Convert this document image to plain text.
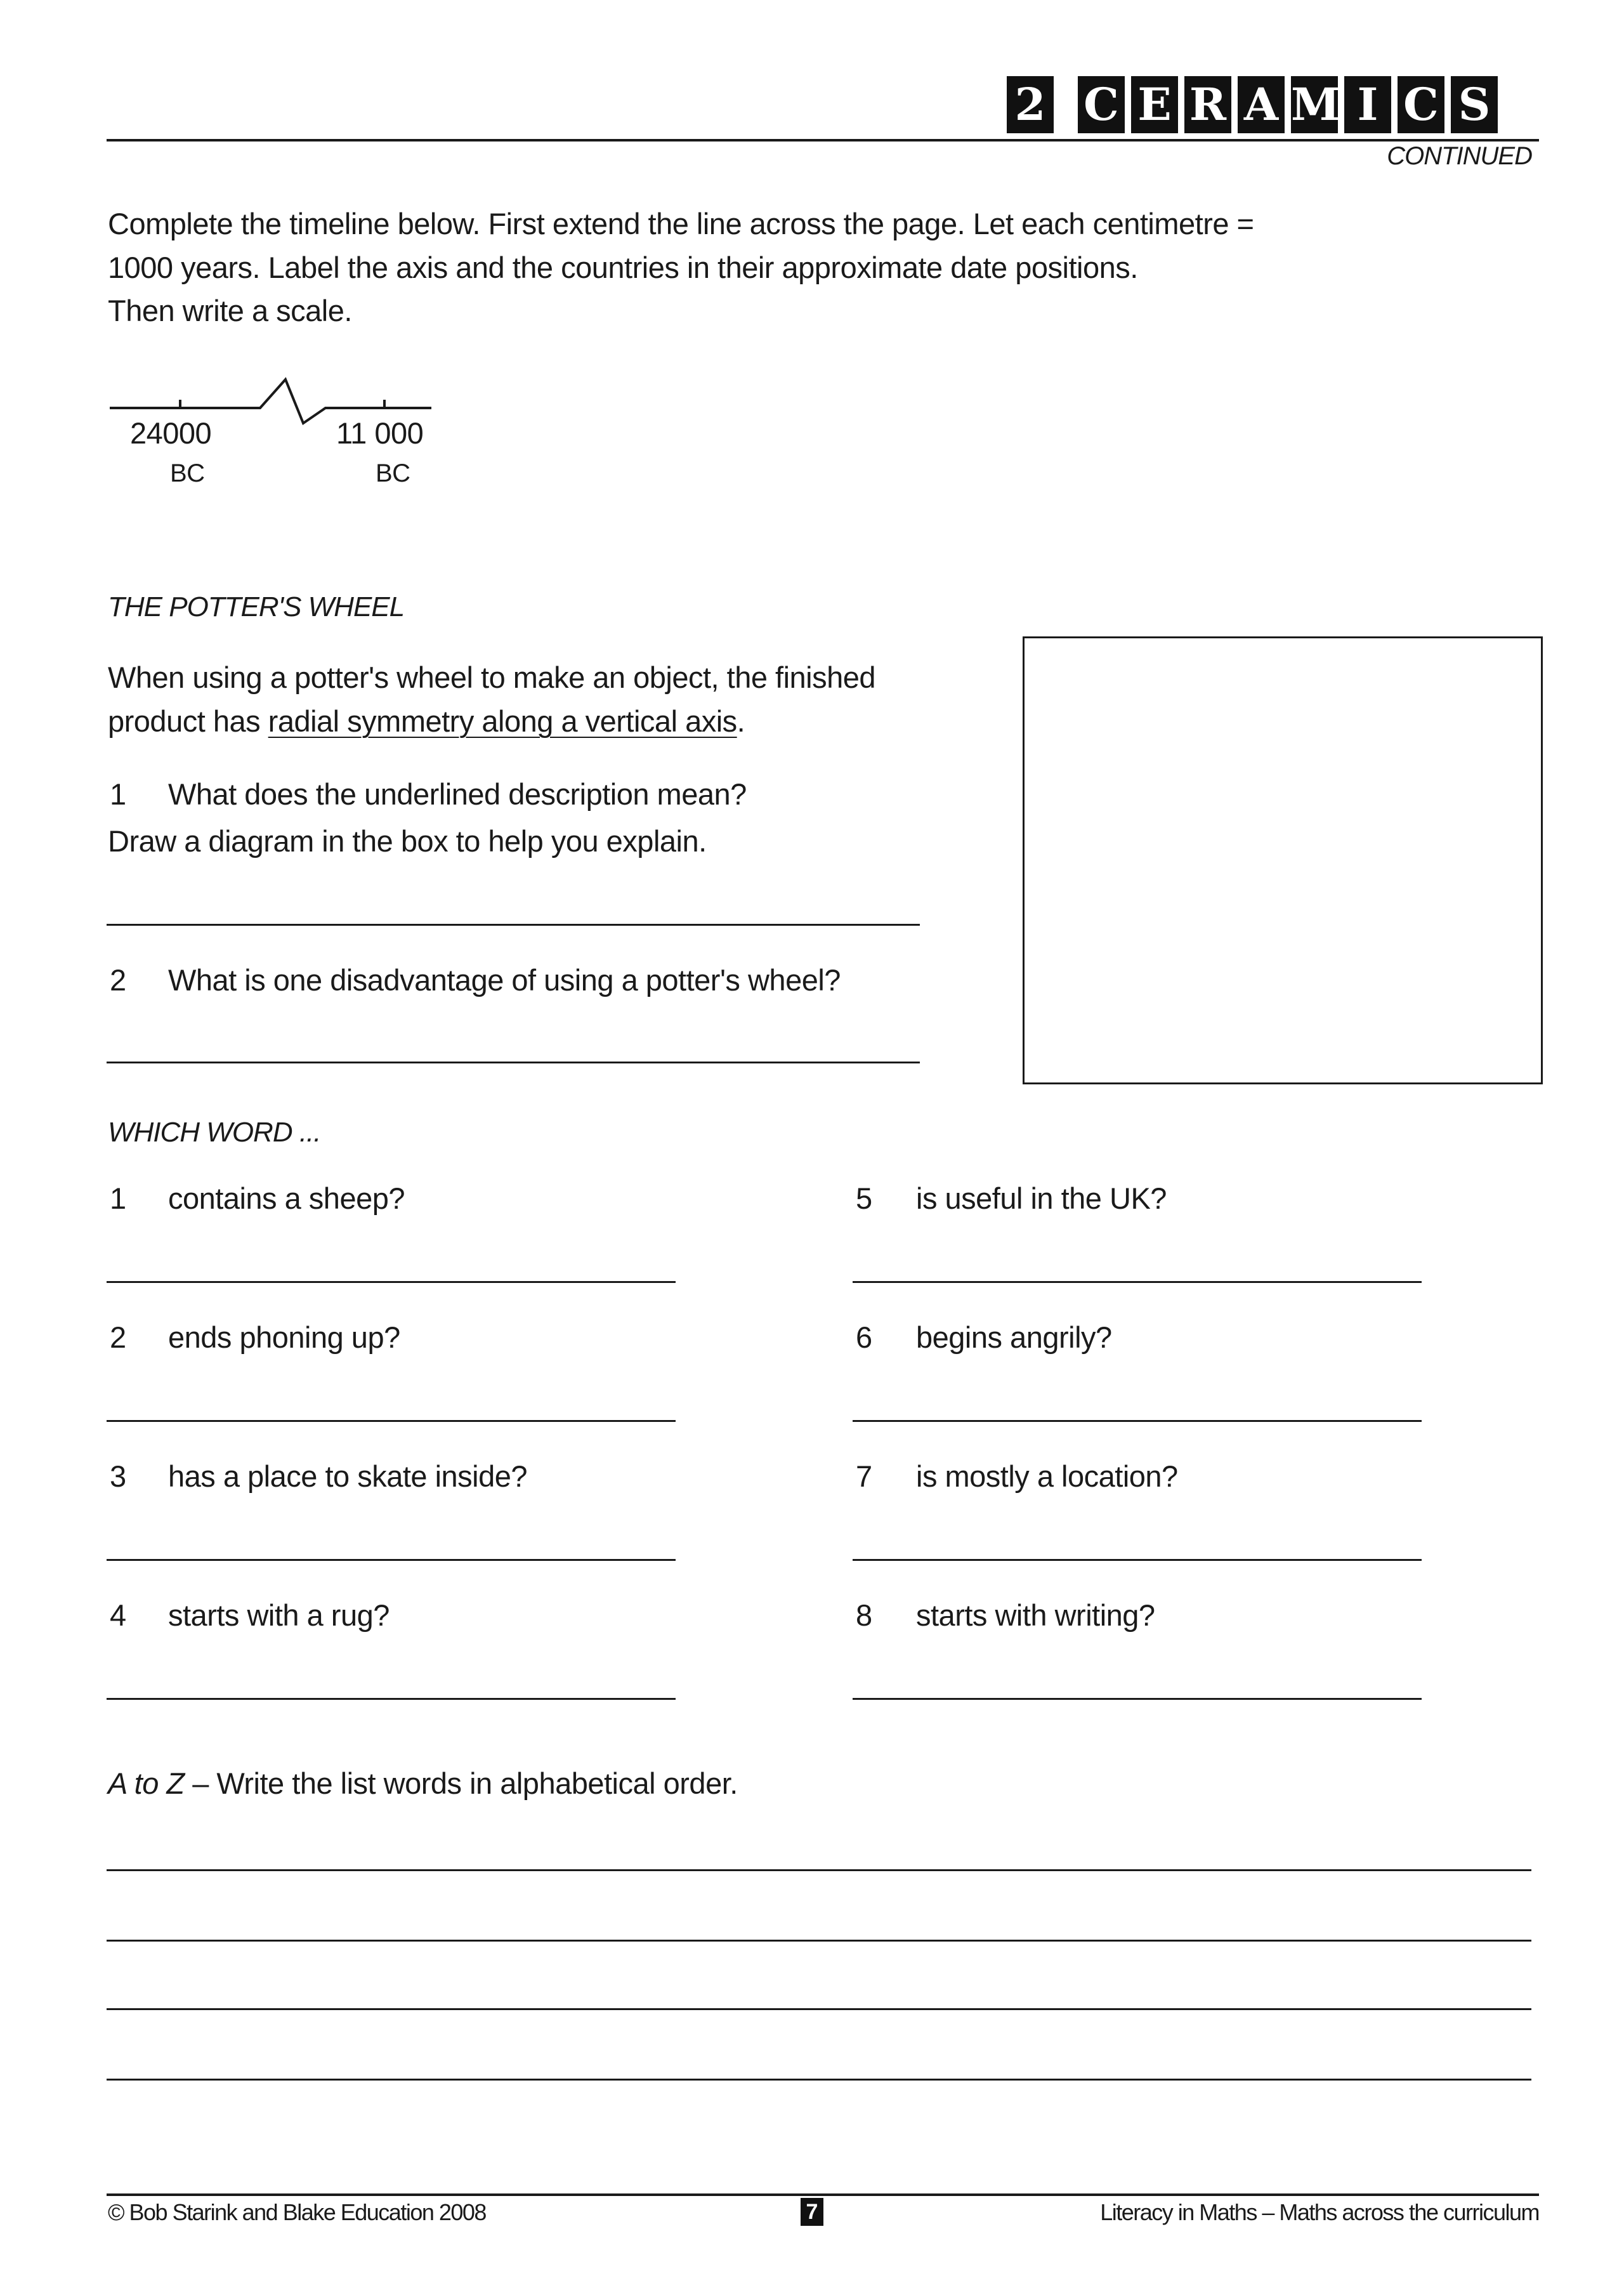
2 C E R A M I C S
CONTINUED
Complete the timeline below. First extend the line across the page. Let each centimetre =
1000 years. Label the axis and the countries in their approximate date positions.
Then write a scale.
24000
BC
11 000
BC
THE POTTER'S WHEEL
When using a potter's wheel to make an object, the finished
product has radial symmetry along a vertical axis.
1 What does the underlined description mean?
Draw a diagram in the box to help you explain.
2 What is one disadvantage of using a potter's wheel?
WHICH WORD ...
1 contains a sheep?
2 ends phoning up?
3 has a place to skate inside?
4 starts with a rug?
5 is useful in the UK?
6 begins angrily?
7 is mostly a location?
8 starts with writing?
A to Z – Write the list words in alphabetical order.
© Bob Starink and Blake Education 2008	7	Literacy in Maths – Maths across the curriculum
